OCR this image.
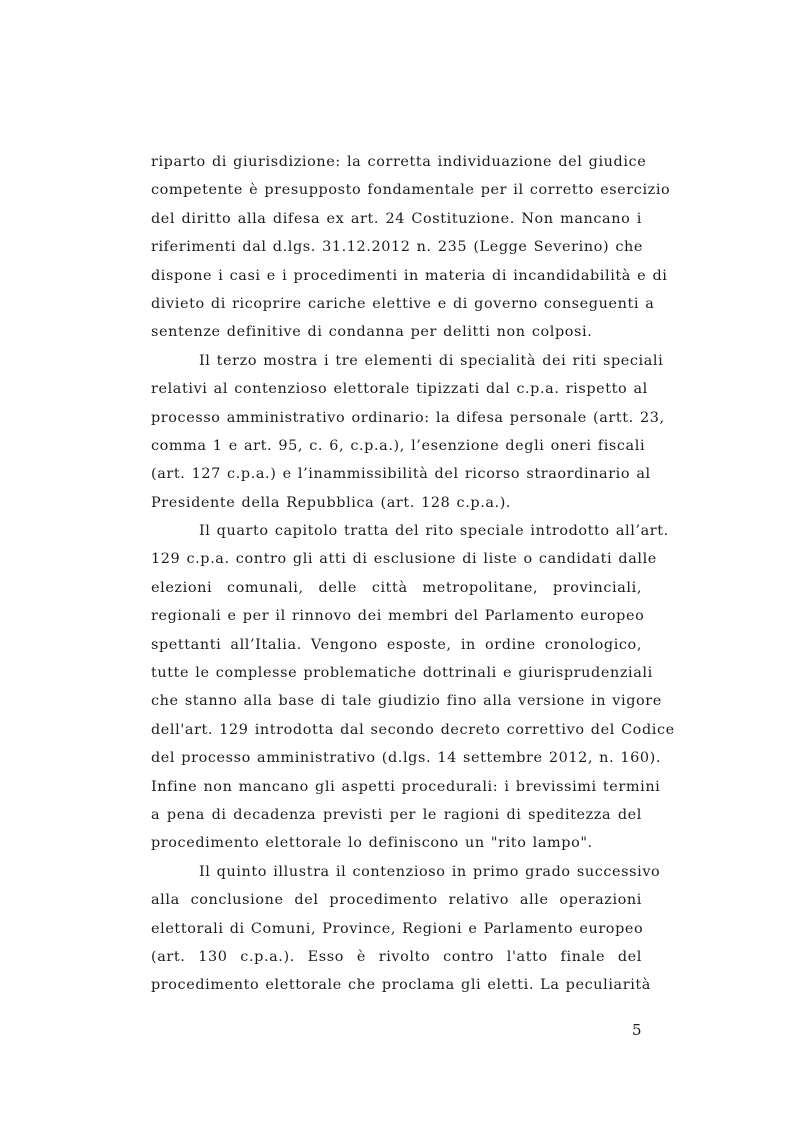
riparto di giurisdizione: la corretta individuazione del giudice
competente è presupposto fondamentale per il corretto esercizio
del diritto alla difesa ex art. 24 Costituzione. Non mancano i
riferimenti dal d.lgs. 31.12.2012 n. 235 (Legge Severino) che
dispone i casi e i procedimenti in materia di incandidabilità e di
divieto di ricoprire cariche elettive e di governo conseguenti a
sentenze definitive di condanna per delitti non colposi.
Il terzo mostra i tre elementi di specialità dei riti speciali
relativi al contenzioso elettorale tipizzati dal c.p.a. rispetto al
processo amministrativo ordinario: la difesa personale (artt. 23,
comma 1 e art. 95, c. 6, c.p.a.), l’esenzione degli oneri fiscali
(art. 127 c.p.a.) e l’inammissibilità del ricorso straordinario al
Presidente della Repubblica (art. 128 c.p.a.).
Il quarto capitolo tratta del rito speciale introdotto all’art.
129 c.p.a. contro gli atti di esclusione di liste o candidati dalle
elezioni comunali, delle città metropolitane, provinciali,
regionali e per il rinnovo dei membri del Parlamento europeo
spettanti all’Italia. Vengono esposte, in ordine cronologico,
tutte le complesse problematiche dottrinali e giurisprudenziali
che stanno alla base di tale giudizio fino alla versione in vigore
dell'art. 129 introdotta dal secondo decreto correttivo del Codice
del processo amministrativo (d.lgs. 14 settembre 2012, n. 160).
Infine non mancano gli aspetti procedurali: i brevissimi termini
a pena di decadenza previsti per le ragioni di speditezza del
procedimento elettorale lo definiscono un "rito lampo".
Il quinto illustra il contenzioso in primo grado successivo
alla conclusione del procedimento relativo alle operazioni
elettorali di Comuni, Province, Regioni e Parlamento europeo
(art. 130 c.p.a.). Esso è rivolto contro l'atto finale del
procedimento elettorale che proclama gli eletti. La peculiarità
5
